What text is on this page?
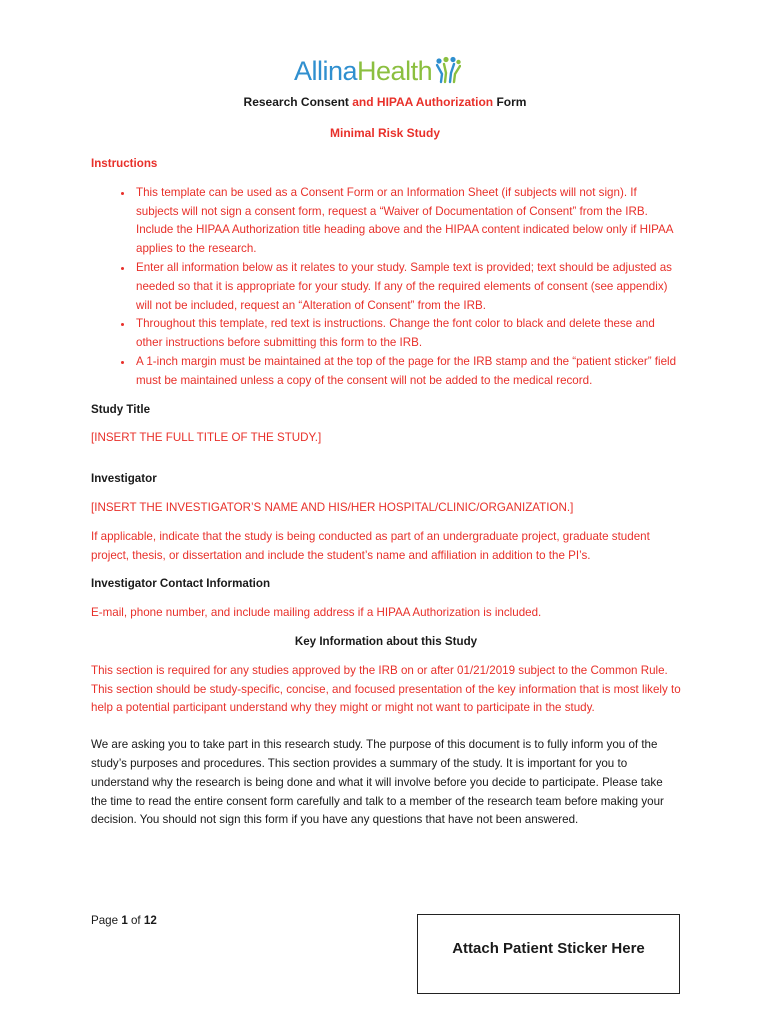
AllinaHealth
Research Consent and HIPAA Authorization Form
Minimal Risk Study

Instructions

• This template can be used as a Consent Form or an Information Sheet (if subjects will not sign). If subjects will not sign a consent form, request a “Waiver of Documentation of Consent” from the IRB. Include the HIPAA Authorization title heading above and the HIPAA content indicated below only if HIPAA applies to the research.
• Enter all information below as it relates to your study. Sample text is provided; text should be adjusted as needed so that it is appropriate for your study. If any of the required elements of consent (see appendix) will not be included, request an “Alteration of Consent” from the IRB.
• Throughout this template, red text is instructions. Change the font color to black and delete these and other instructions before submitting this form to the IRB.
• A 1-inch margin must be maintained at the top of the page for the IRB stamp and the “patient sticker” field must be maintained unless a copy of the consent will not be added to the medical record.

Study Title

[INSERT THE FULL TITLE OF THE STUDY.]

Investigator

[INSERT THE INVESTIGATOR’S NAME AND HIS/HER HOSPITAL/CLINIC/ORGANIZATION.]

If applicable, indicate that the study is being conducted as part of an undergraduate project, graduate student project, thesis, or dissertation and include the student’s name and affiliation in addition to the PI’s.

Investigator Contact Information

E-mail, phone number, and include mailing address if a HIPAA Authorization is included.

Key Information about this Study

This section is required for any studies approved by the IRB on or after 01/21/2019 subject to the Common Rule. This section should be study-specific, concise, and focused presentation of the key information that is most likely to help a potential participant understand why they might or might not want to participate in the study.

We are asking you to take part in this research study. The purpose of this document is to fully inform you of the study’s purposes and procedures. This section provides a summary of the study. It is important for you to understand why the research is being done and what it will involve before you decide to participate. Please take the time to read the entire consent form carefully and talk to a member of the research team before making your decision. You should not sign this form if you have any questions that have not been answered.

Page 1 of 12
Attach Patient Sticker Here
